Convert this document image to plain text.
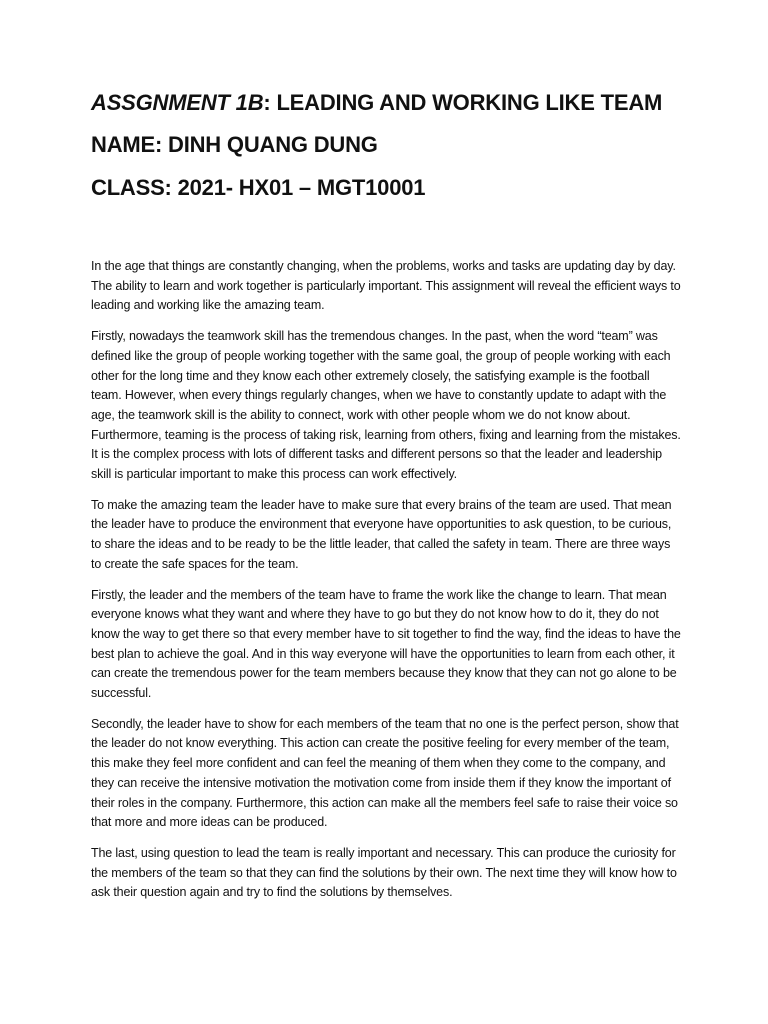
ASSGNMENT 1B: LEADING AND WORKING LIKE TEAM
NAME: DINH QUANG DUNG
CLASS: 2021- HX01 – MGT10001

In the age that things are constantly changing, when the problems, works and tasks are updating day by day. The ability to learn and work together is particularly important. This assignment will reveal the efficient ways to leading and working like the amazing team.

Firstly, nowadays the teamwork skill has the tremendous changes. In the past, when the word “team” was defined like the group of people working together with the same goal, the group of people working with each other for the long time and they know each other extremely closely, the satisfying example is the football team. However, when every things regularly changes, when we have to constantly update to adapt with the age, the teamwork skill is the ability to connect, work with other people whom we do not know about. Furthermore, teaming is the process of taking risk, learning from others, fixing and learning from the mistakes. It is the complex process with lots of different tasks and different persons so that the leader and leadership skill is particular important to make this process can work effectively.

To make the amazing team the leader have to make sure that every brains of the team are used. That mean the leader have to produce the environment that everyone have opportunities to ask question, to be curious, to share the ideas and to be ready to be the little leader, that called the safety in team. There are three ways to create the safe spaces for the team.

Firstly, the leader and the members of the team have to frame the work like the change to learn. That mean everyone knows what they want and where they have to go but they do not know how to do it, they do not know the way to get there so that every member have to sit together to find the way, find the ideas to have the best plan to achieve the goal. And in this way everyone will have the opportunities to learn from each other, it can create the tremendous power for the team members because they know that they can not go alone to be successful.

Secondly, the leader have to show for each members of the team that no one is the perfect person, show that the leader do not know everything. This action can create the positive feeling for every member of the team, this make they feel more confident and can feel the meaning of them when they come to the company, and they can receive the intensive motivation the motivation come from inside them if they know the important of their roles in the company. Furthermore, this action can make all the members feel safe to raise their voice so that more and more ideas can be produced.

The last, using question to lead the team is really important and necessary. This can produce the curiosity for the members of the team so that they can find the solutions by their own. The next time they will know how to ask their question again and try to find the solutions by themselves.
